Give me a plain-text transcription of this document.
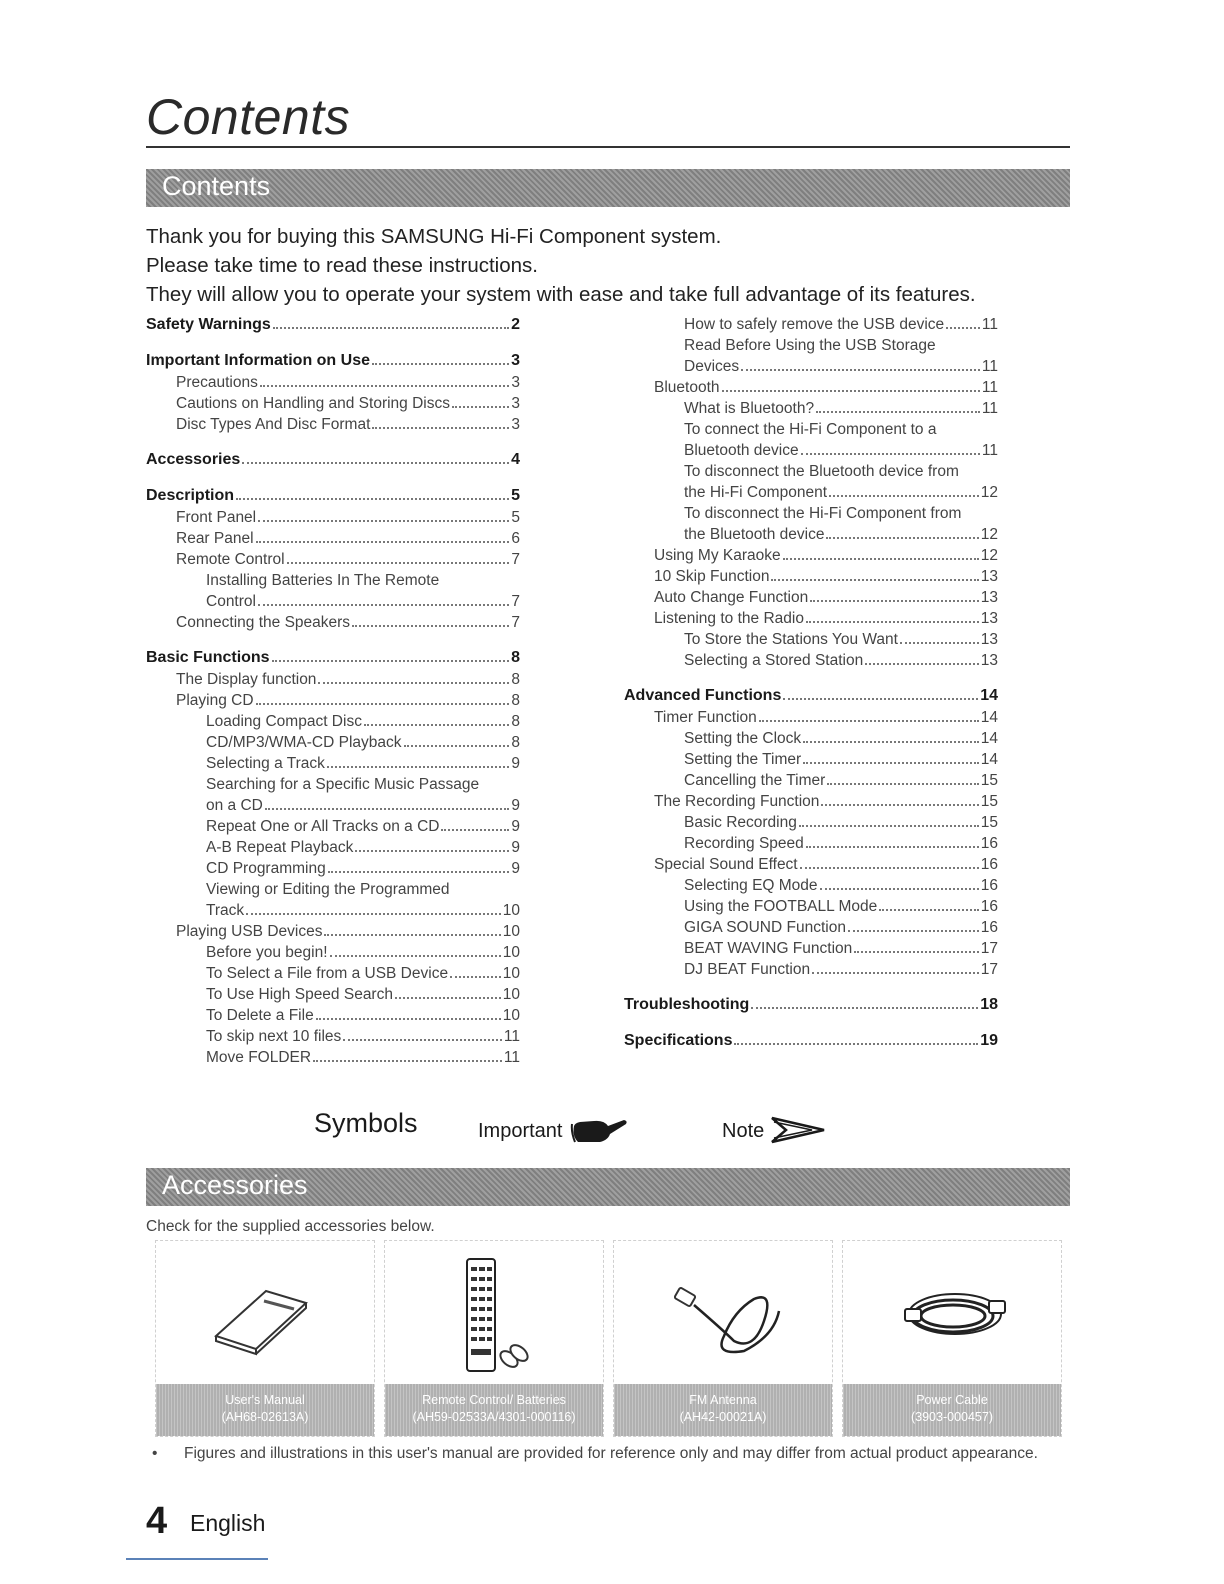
Contents
Contents
Thank you for buying this SAMSUNG Hi-Fi Component system.
Please take time to read these instructions.
They will allow you to operate your system with ease and take full advantage of its features.
Safety Warnings	2
Important Information on Use	3
Precautions	3
Cautions on Handling and Storing Discs	3
Disc Types And Disc Format	3
Accessories	4
Description	5
Front Panel	5
Rear Panel	6
Remote Control	7
Installing Batteries In The Remote
Control	7
Connecting the Speakers	7
Basic Functions	8
The Display function	8
Playing CD	8
Loading Compact Disc	8
CD/MP3/WMA-CD Playback	8
Selecting a Track	9
Searching for a Specific Music Passage
on a CD	9
Repeat One or All Tracks on a CD	9
A-B Repeat Playback	9
CD Programming	9
Viewing or Editing the Programmed
Track	10
Playing USB Devices	10
Before you begin!	10
To Select a File from a USB Device	10
To Use High Speed Search	10
To Delete a File	10
To skip next 10 files	11
Move FOLDER	11
How to safely remove the USB device 11
Read Before Using the USB Storage
Devices	11
Bluetooth	11
What is Bluetooth?	11
To connect the Hi-Fi Component to a
Bluetooth device	11
To disconnect the Bluetooth device from
the Hi-Fi Component	12
To disconnect the Hi-Fi Component from
the Bluetooth device	12
Using My Karaoke	12
10 Skip Function	13
Auto Change Function	13
Listening to the Radio	13
To Store the Stations You Want	13
Selecting a Stored Station	13
Advanced Functions	14
Timer Function	14
Setting the Clock	14
Setting the Timer	14
Cancelling the Timer	15
The Recording Function	15
Basic Recording	15
Recording Speed	16
Special Sound Effect	16
Selecting EQ Mode	16
Using the FOOTBALL Mode	16
GIGA SOUND Function	16
BEAT WAVING Function	17
DJ BEAT Function	17
Troubleshooting	18
Specifications	19
Symbols	Important	Note
Accessories
Check for the supplied accessories below.
User's Manual
(AH68-02613A)
Remote Control/ Batteries
(AH59-02533A/4301-000116)
FM Antenna
(AH42-00021A)
Power Cable
(3903-000457)
• Figures and illustrations in this user's manual are provided for reference only and may differ from actual product appearance.
4 English
